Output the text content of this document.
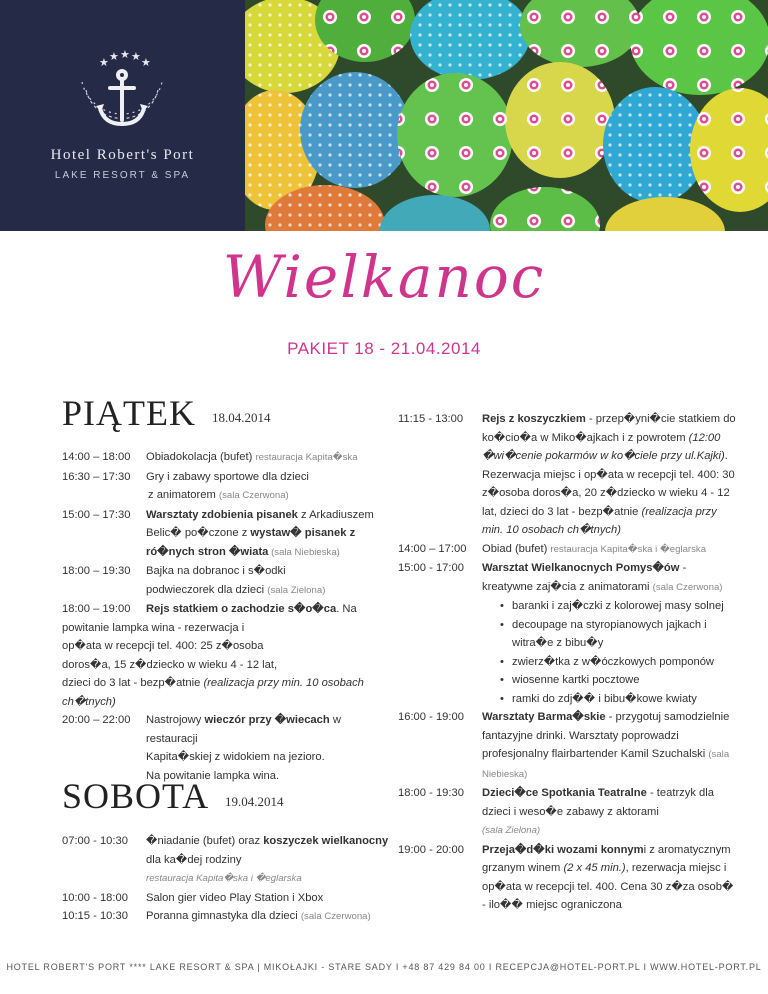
★ ★ ★ ★ ★
Hotel Robert's Port
LAKE RESORT & SPA
Wielkanoc
PAKIET 18 - 21.04.2014
PIĄTEK 18.04.2014
14:00 – 18:00	Obiadokolacja (bufet) restauracja Kapita�ska
16:30 – 17:30	Gry i zabawy sportowe dla dzieci
z animatorem (sala Czerwona)
15:00 – 17:30	Warsztaty zdobienia pisanek z Arkadiuszem
Belic� po�czone z wystaw� pisanek z ró�nych stron �wiata (sala Niebieska)
18:00 – 19:30	Bajka na dobranoc i s�odki
podwieczorek dla dzieci (sala Zielona)
18:00 – 19:00	Rejs statkiem o zachodzie s�o�ca. Na
powitanie lampka wina - rezerwacja i
op�ata w recepcji tel. 400: 25 z�osoba
doros�a, 15 z�dziecko w wieku 4 - 12 lat,
dzieci do 3 lat - bezp�atnie (realizacja przy min. 10 osobach ch�tnych)
20:00 – 22:00	Nastrojowy wieczór przy �wiecach w restauracji
Kapita�skiej z widokiem na jezioro.
Na powitanie lampka wina.
SOBOTA 19.04.2014
07:00 - 10:30	�niadanie (bufet) oraz koszyczek wielkanocny dla ka�dej rodziny
restauracja Kapita�ska i �eglarska
10:00 - 18:00	Salon gier video Play Station i Xbox
10:15 - 10:30	Poranna gimnastyka dla dzieci (sala Czerwona)
11:15 - 13:00	Rejs z koszyczkiem - przep�yni�cie statkiem do ko�cio�a w Miko�ajkach i z powrotem (12:00 �wi�cenie pokarmów w ko�ciele przy ul.Kajki). Rezerwacja miejsc i op�ata w recepcji tel. 400: 30 z�osoba doros�a, 20 z�dziecko w wieku 4 - 12 lat, dzieci do 3 lat - bezp�atnie (realizacja przy min. 10 osobach ch�tnych)
14:00 – 17:00	Obiad (bufet) restauracja Kapita�ska i �eglarska
15:00 - 17:00	Warsztat Wielkanocnych Pomys�ów - kreatywne zaj�cia z animatorami (sala Czerwona)
• baranki i zaj�czki z kolorowej masy solnej
• decoupage na styropianowych jajkach i witra�e z bibu�y
• zwierz�tka z w�óczkowych pomponów
• wiosenne kartki pocztowe
• ramki do zdj�� i bibu�kowe kwiaty
16:00 - 19:00	Warsztaty Barma�skie - przygotuj samodzielnie fantazyjne drinki. Warsztaty poprowadzi profesjonalny flairbartender Kamil Szuchalski (sala Niebieska)
18:00 - 19:30	Dzieci�ce Spotkania Teatralne - teatrzyk dla dzieci i weso�e zabawy z aktorami
(sala Zielona)
19:00 - 20:00	Przeja�d�ki wozami konnymi z aromatycznym grzanym winem (2 x 45 min.), rezerwacja miejsc i op�ata w recepcji tel. 400. Cena 30 z�za osob� - ilo�� miejsc ograniczona
HOTEL ROBERT'S PORT **** LAKE RESORT & SPA | MIKOŁAJKI - STARE SADY I +48 87 429 84 00 I RECEPCJA@HOTEL-PORT.PL I WWW.HOTEL-PORT.PL
